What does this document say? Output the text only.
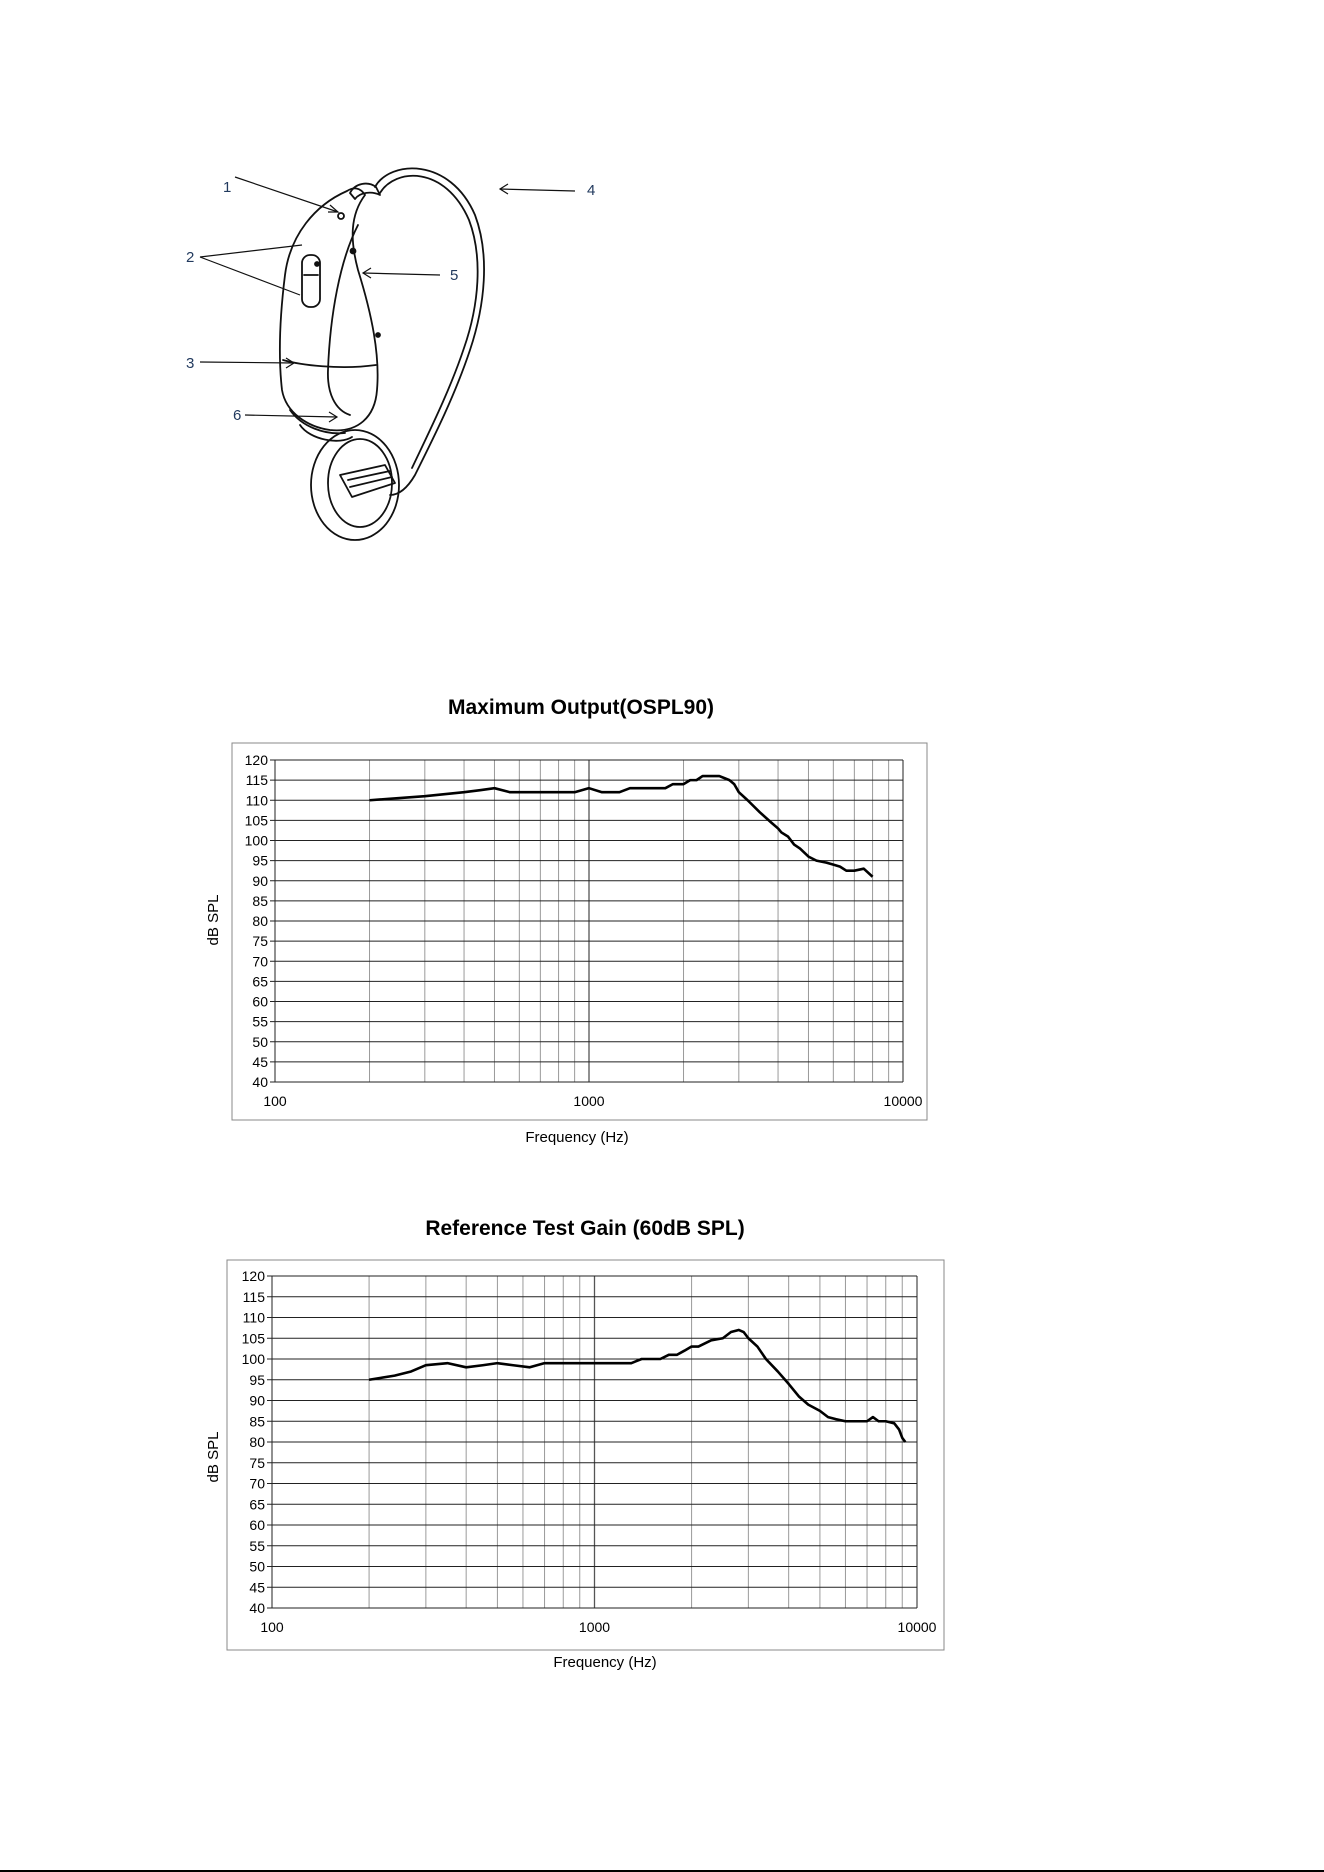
1
2
3
4
5
6
Maximum Output(OSPL90)
120
115
110
105
100
95
90
85
80
75
70
65
60
55
50
45
40
100	1000	10000
Frequency (Hz)
dB SPL
Reference Test Gain (60dB SPL)
120
115
110
105
100
95
90
85
80
75
70
65
60
55
50
45
40
100	1000	10000
Frequency (Hz)
dB SPL
